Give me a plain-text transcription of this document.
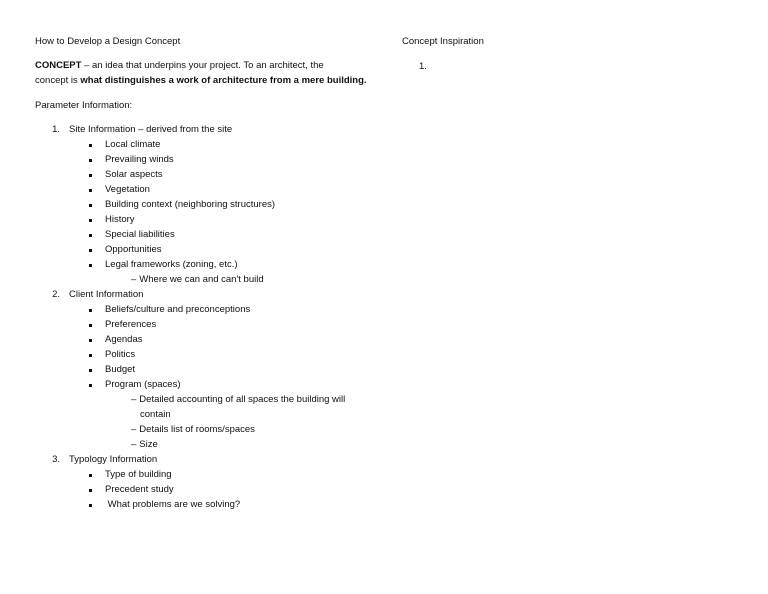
Concept Inspiration
1.
How to Develop a Design Concept
CONCEPT – an idea that underpins your project. To an architect, the
concept is what distinguishes a work of architecture from a mere building.
Parameter Information:
1. Site Information – derived from the site
Local climate
Prevailing winds
Solar aspects
Vegetation
Building context (neighboring structures)
History
Special liabilities
Opportunities
Legal frameworks (zoning, etc.)
– Where we can and can't build
2. Client Information
Beliefs/culture and preconceptions
Preferences
Agendas
Politics
Budget
Program (spaces)
– Detailed accounting of all spaces the building will
contain
– Details list of rooms/spaces
– Size
3. Typology Information
Type of building
Precedent study
What problems are we solving?
